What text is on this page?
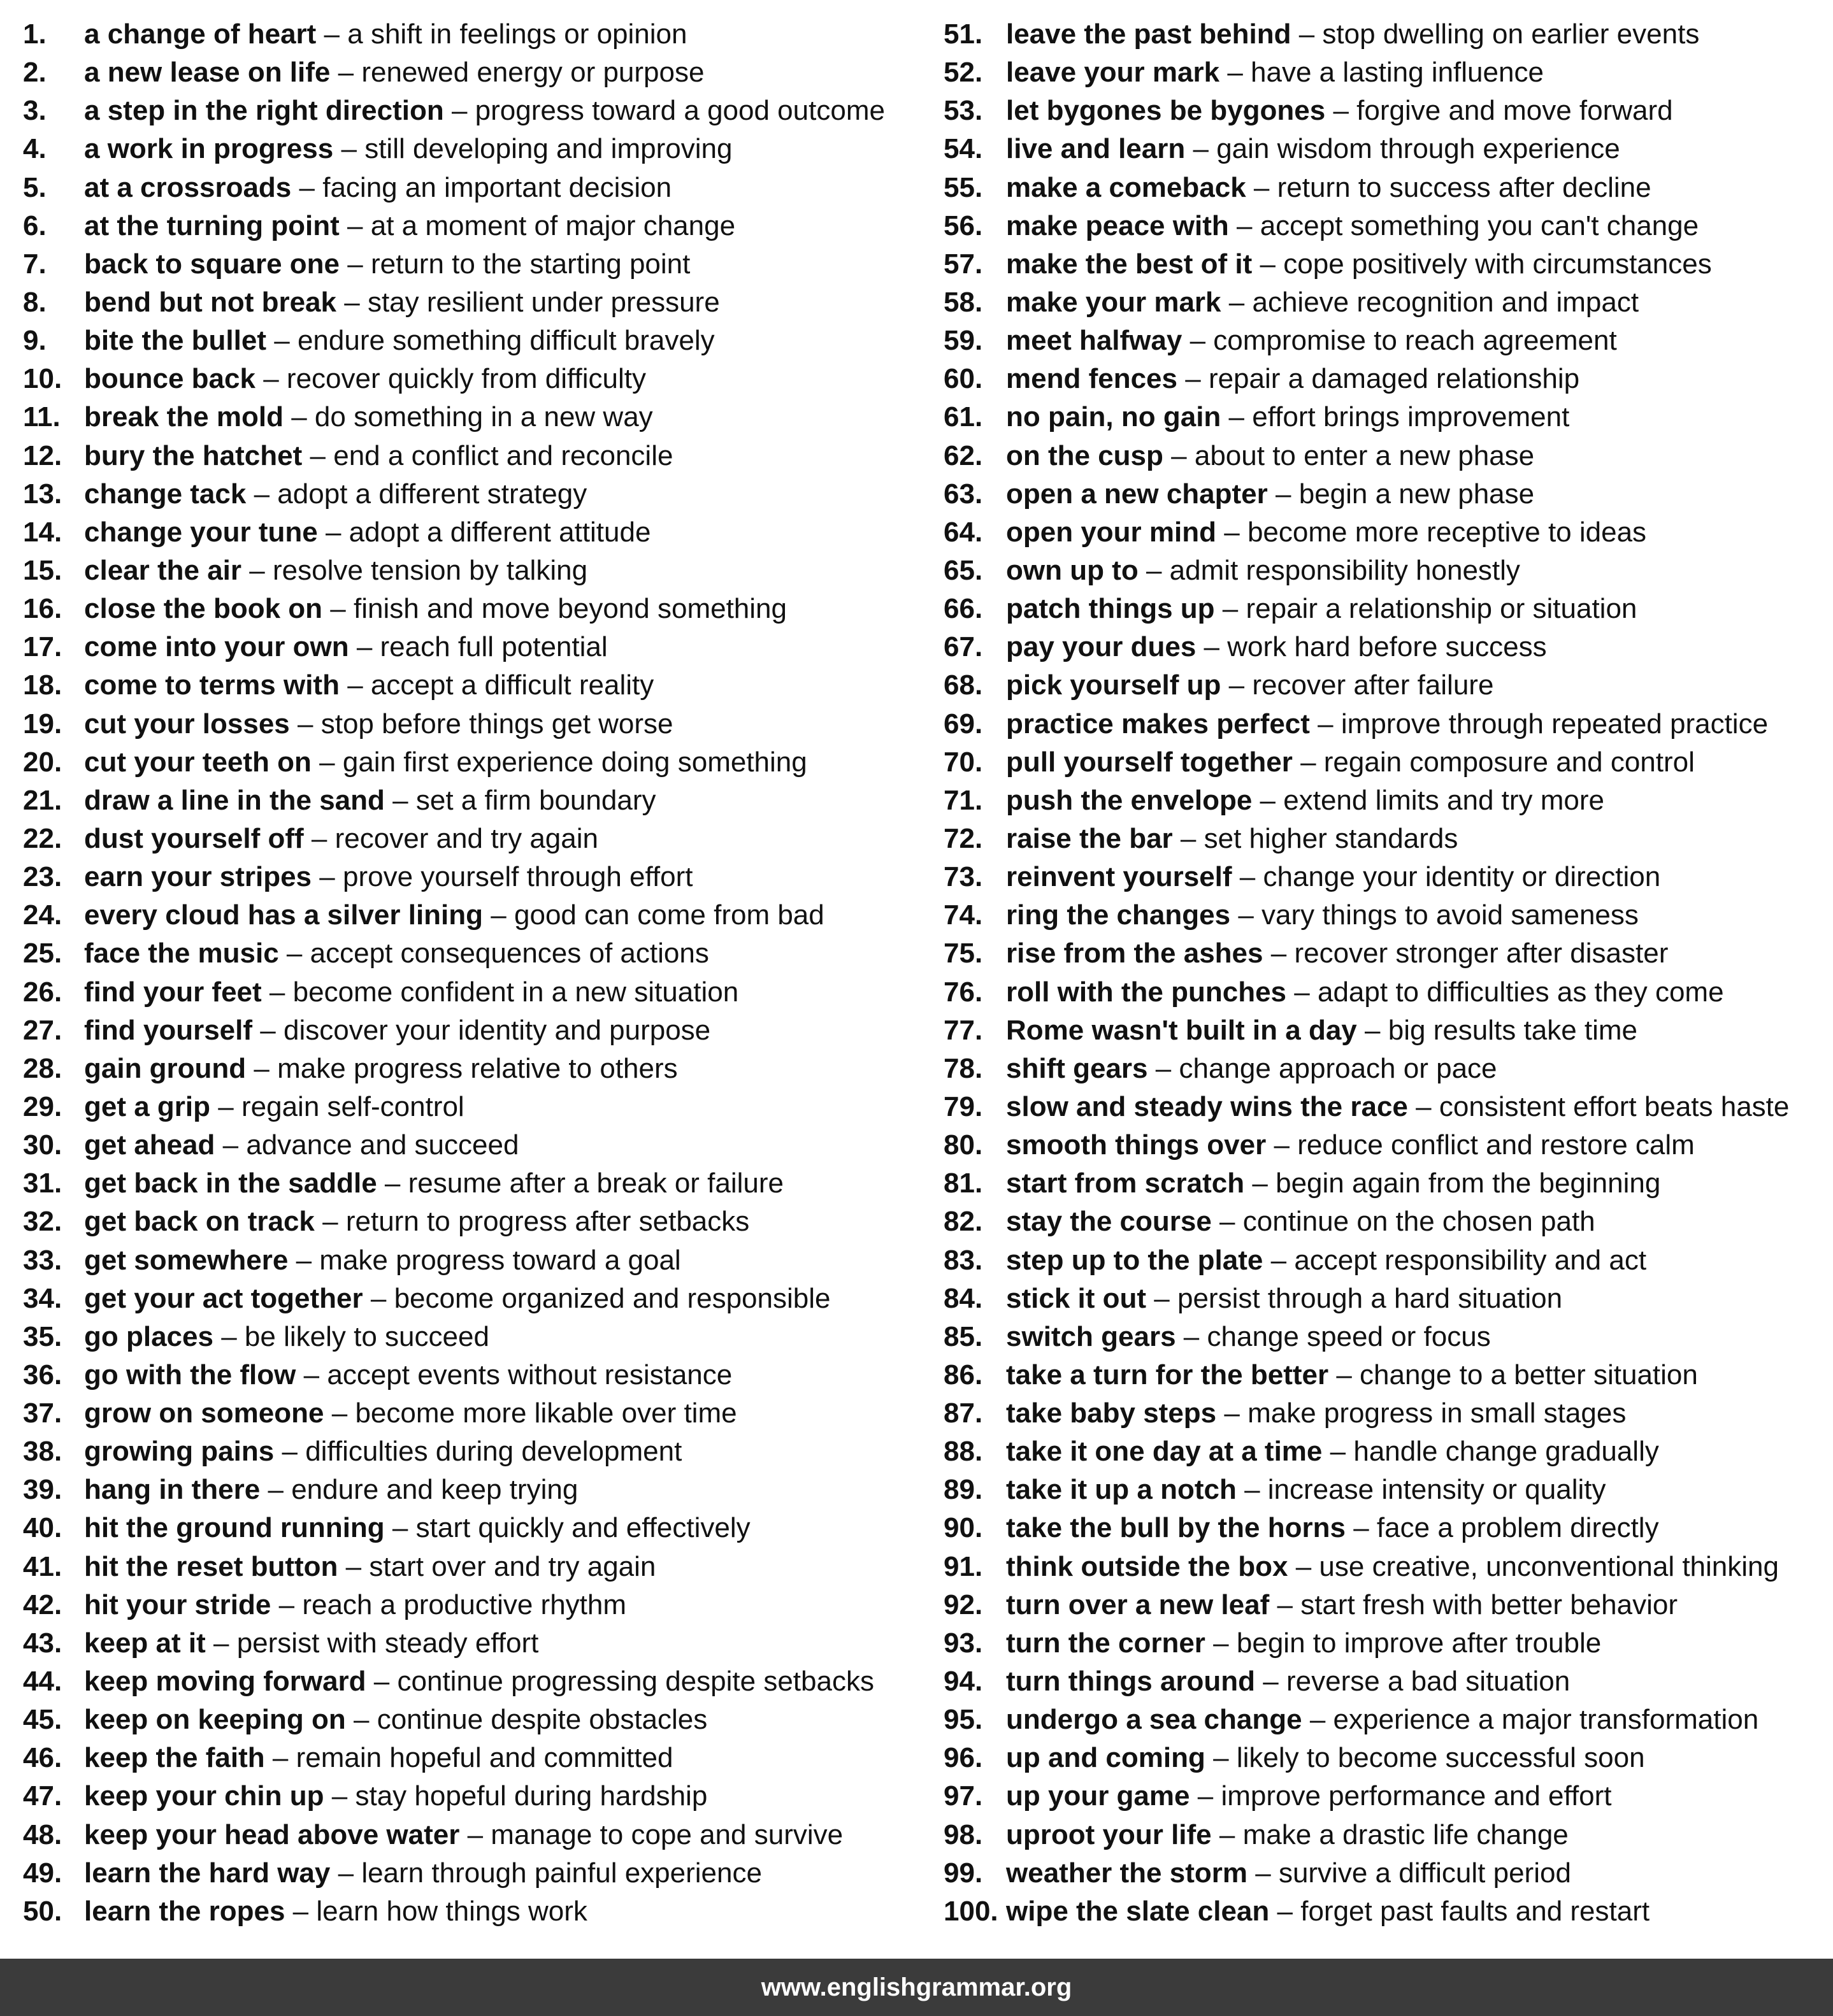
1. a change of heart – a shift in feelings or opinion
2. a new lease on life – renewed energy or purpose
3. a step in the right direction – progress toward a good outcome
4. a work in progress – still developing and improving
5. at a crossroads – facing an important decision
6. at the turning point – at a moment of major change
7. back to square one – return to the starting point
8. bend but not break – stay resilient under pressure
9. bite the bullet – endure something difficult bravely
10. bounce back – recover quickly from difficulty
11. break the mold – do something in a new way
12. bury the hatchet – end a conflict and reconcile
13. change tack – adopt a different strategy
14. change your tune – adopt a different attitude
15. clear the air – resolve tension by talking
16. close the book on – finish and move beyond something
17. come into your own – reach full potential
18. come to terms with – accept a difficult reality
19. cut your losses – stop before things get worse
20. cut your teeth on – gain first experience doing something
21. draw a line in the sand – set a firm boundary
22. dust yourself off – recover and try again
23. earn your stripes – prove yourself through effort
24. every cloud has a silver lining – good can come from bad
25. face the music – accept consequences of actions
26. find your feet – become confident in a new situation
27. find yourself – discover your identity and purpose
28. gain ground – make progress relative to others
29. get a grip – regain self-control
30. get ahead – advance and succeed
31. get back in the saddle – resume after a break or failure
32. get back on track – return to progress after setbacks
33. get somewhere – make progress toward a goal
34. get your act together – become organized and responsible
35. go places – be likely to succeed
36. go with the flow – accept events without resistance
37. grow on someone – become more likable over time
38. growing pains – difficulties during development
39. hang in there – endure and keep trying
40. hit the ground running – start quickly and effectively
41. hit the reset button – start over and try again
42. hit your stride – reach a productive rhythm
43. keep at it – persist with steady effort
44. keep moving forward – continue progressing despite setbacks
45. keep on keeping on – continue despite obstacles
46. keep the faith – remain hopeful and committed
47. keep your chin up – stay hopeful during hardship
48. keep your head above water – manage to cope and survive
49. learn the hard way – learn through painful experience
50. learn the ropes – learn how things work
51. leave the past behind – stop dwelling on earlier events
52. leave your mark – have a lasting influence
53. let bygones be bygones – forgive and move forward
54. live and learn – gain wisdom through experience
55. make a comeback – return to success after decline
56. make peace with – accept something you can't change
57. make the best of it – cope positively with circumstances
58. make your mark – achieve recognition and impact
59. meet halfway – compromise to reach agreement
60. mend fences – repair a damaged relationship
61. no pain, no gain – effort brings improvement
62. on the cusp – about to enter a new phase
63. open a new chapter – begin a new phase
64. open your mind – become more receptive to ideas
65. own up to – admit responsibility honestly
66. patch things up – repair a relationship or situation
67. pay your dues – work hard before success
68. pick yourself up – recover after failure
69. practice makes perfect – improve through repeated practice
70. pull yourself together – regain composure and control
71. push the envelope – extend limits and try more
72. raise the bar – set higher standards
73. reinvent yourself – change your identity or direction
74. ring the changes – vary things to avoid sameness
75. rise from the ashes – recover stronger after disaster
76. roll with the punches – adapt to difficulties as they come
77. Rome wasn't built in a day – big results take time
78. shift gears – change approach or pace
79. slow and steady wins the race – consistent effort beats haste
80. smooth things over – reduce conflict and restore calm
81. start from scratch – begin again from the beginning
82. stay the course – continue on the chosen path
83. step up to the plate – accept responsibility and act
84. stick it out – persist through a hard situation
85. switch gears – change speed or focus
86. take a turn for the better – change to a better situation
87. take baby steps – make progress in small stages
88. take it one day at a time – handle change gradually
89. take it up a notch – increase intensity or quality
90. take the bull by the horns – face a problem directly
91. think outside the box – use creative, unconventional thinking
92. turn over a new leaf – start fresh with better behavior
93. turn the corner – begin to improve after trouble
94. turn things around – reverse a bad situation
95. undergo a sea change – experience a major transformation
96. up and coming – likely to become successful soon
97. up your game – improve performance and effort
98. uproot your life – make a drastic life change
99. weather the storm – survive a difficult period
100. wipe the slate clean – forget past faults and restart
www.englishgrammar.org
